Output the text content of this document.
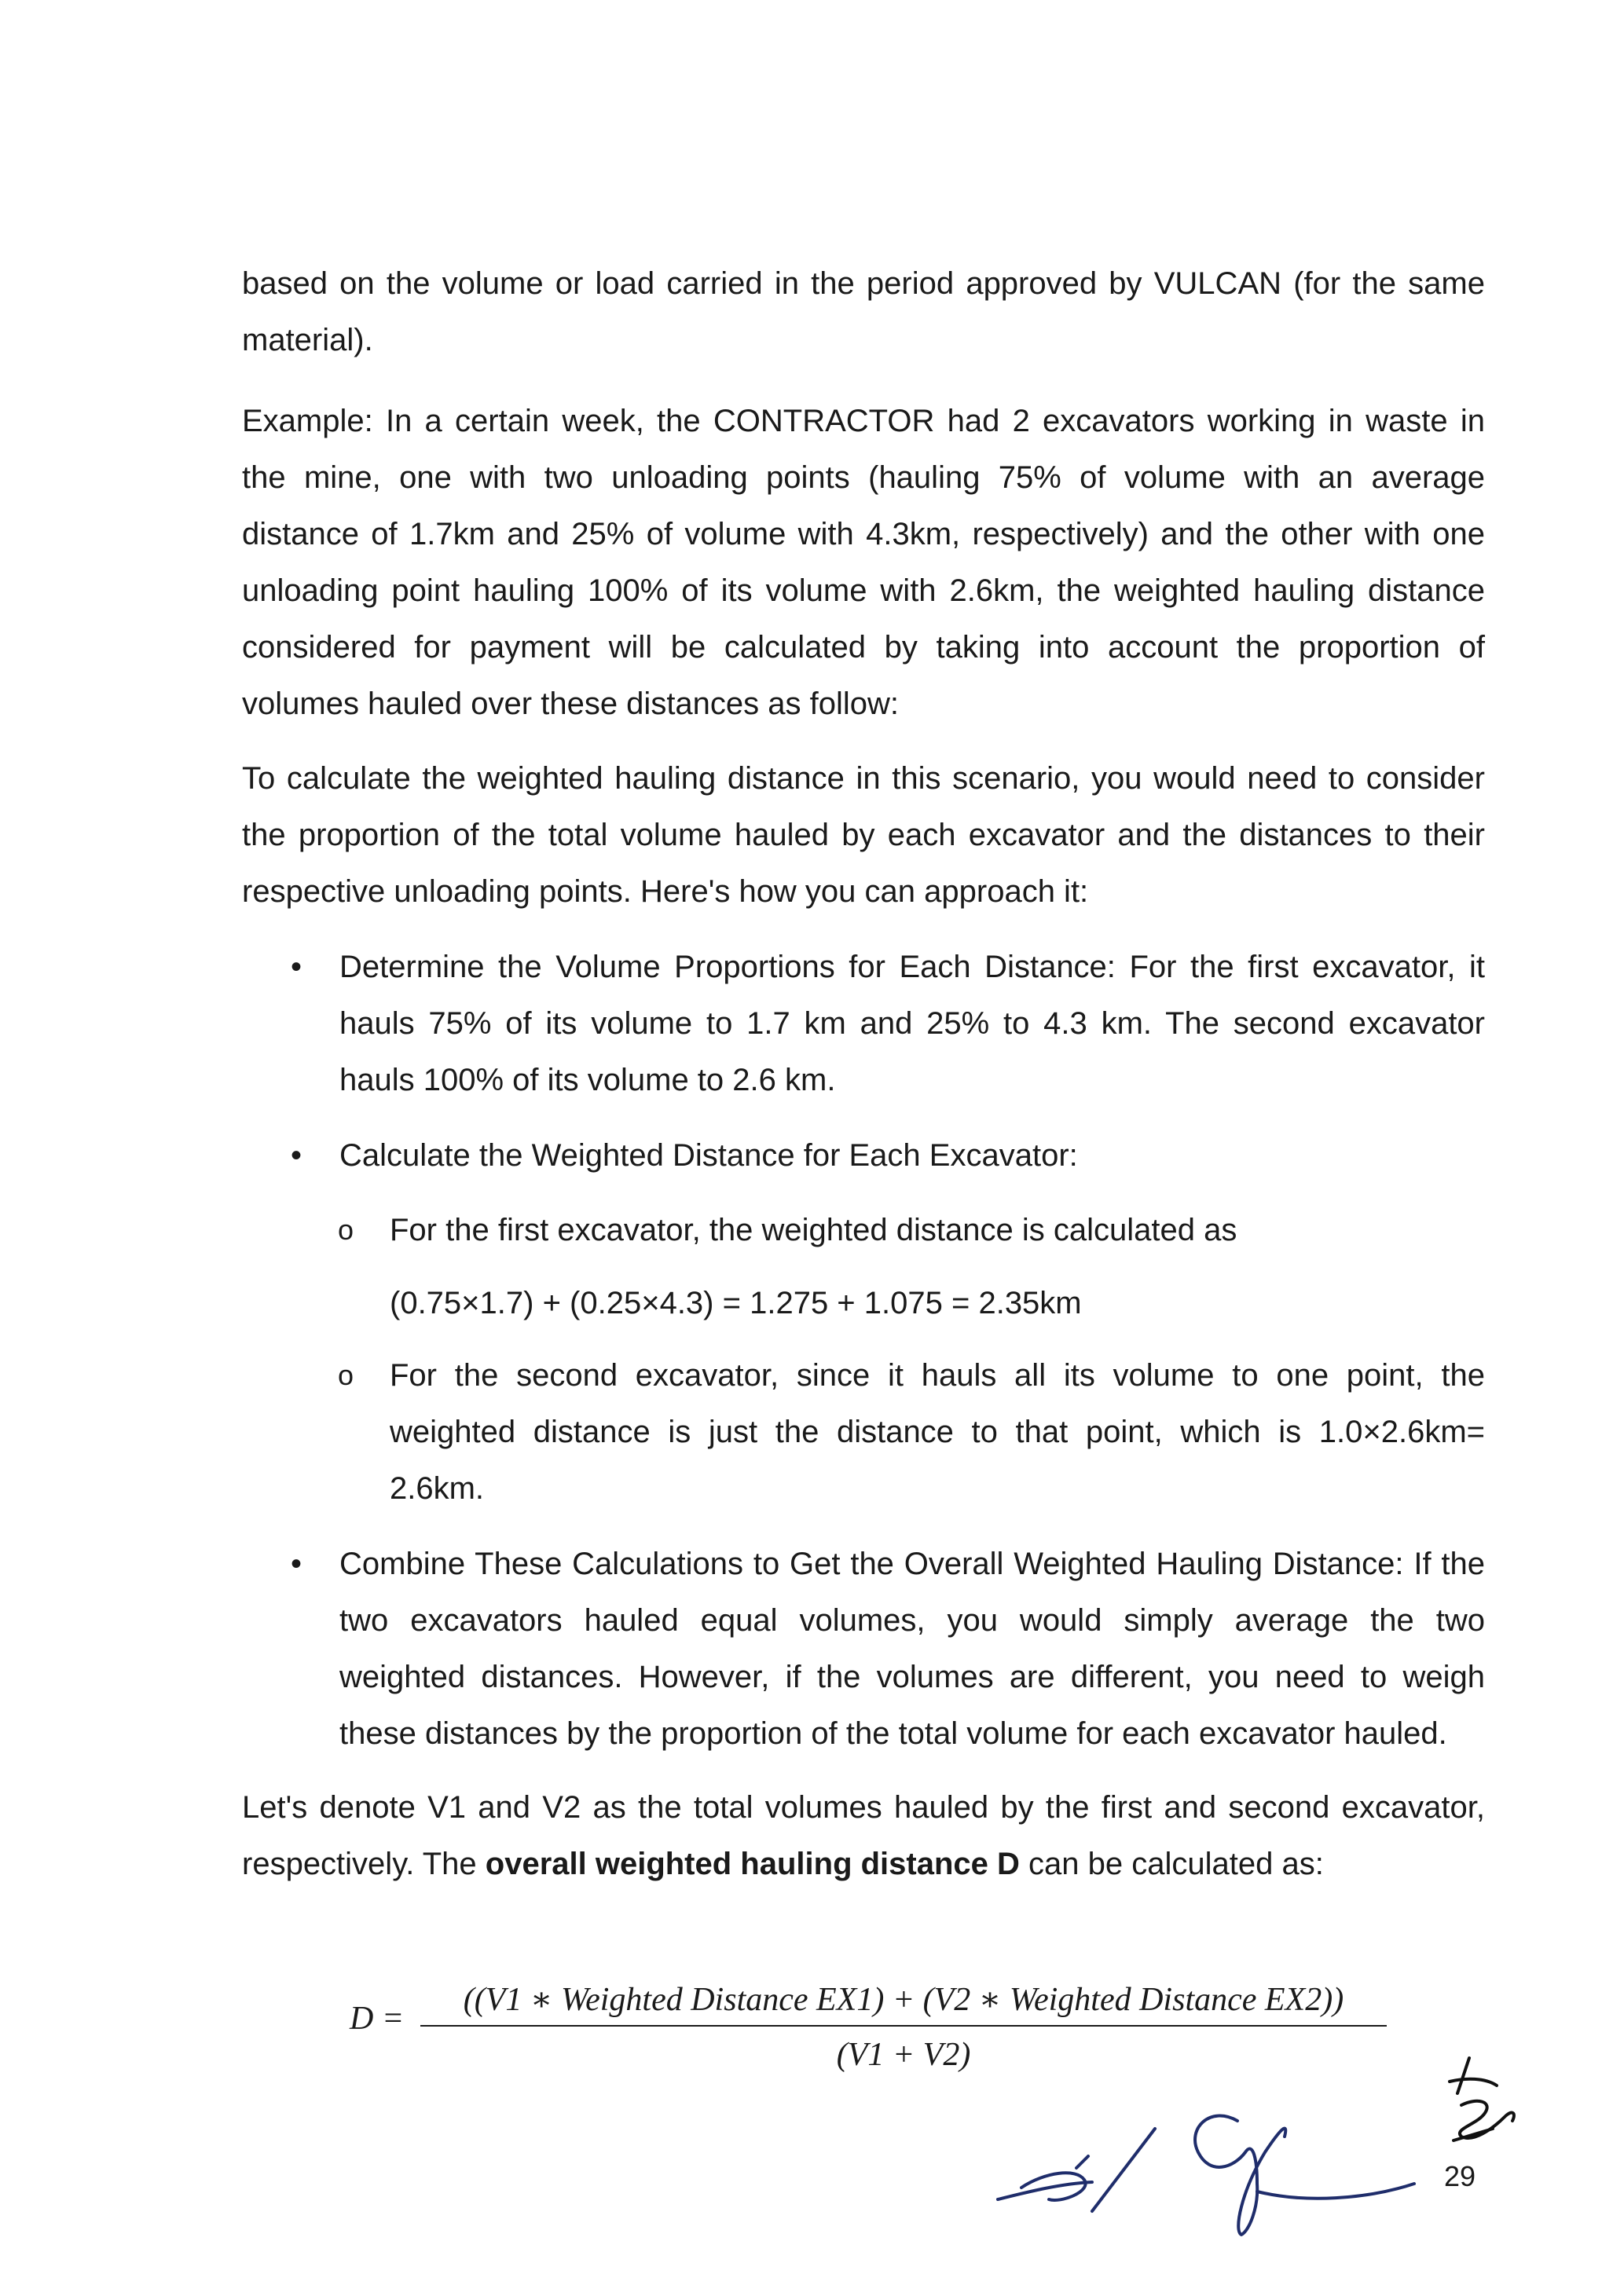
based on the volume or load carried in the period approved by VULCAN (for the same material).

Example: In a certain week, the CONTRACTOR had 2 excavators working in waste in the mine, one with two unloading points (hauling 75% of volume with an average distance of 1.7km and 25% of volume with 4.3km, respectively) and the other with one unloading point hauling 100% of its volume with 2.6km, the weighted hauling distance considered for payment will be calculated by taking into account the proportion of volumes hauled over these distances as follow:

To calculate the weighted hauling distance in this scenario, you would need to consider the proportion of the total volume hauled by each excavator and the distances to their respective unloading points. Here's how you can approach it:

•	Determine the Volume Proportions for Each Distance: For the first excavator, it hauls 75% of its volume to 1.7 km and 25% to 4.3 km. The second excavator hauls 100% of its volume to 2.6 km.

•	Calculate the Weighted Distance for Each Excavator:

o	For the first excavator, the weighted distance is calculated as

(0.75×1.7) + (0.25×4.3) = 1.275 + 1.075 = 2.35km
o	For the second excavator, since it hauls all its volume to one point, the weighted distance is just the distance to that point, which is 1.0×2.6km= 2.6km.

•	Combine These Calculations to Get the Overall Weighted Hauling Distance: If the two excavators hauled equal volumes, you would simply average the two weighted distances. However, if the volumes are different, you need to weigh these distances by the proportion of the total volume for each excavator hauled.

Let's denote V1 and V2 as the total volumes hauled by the first and second excavator, respectively. The overall weighted hauling distance D can be calculated as:

D =
((V1 ∗ Weighted Distance EX1) + (V2 ∗ Weighted Distance EX2))
(V1 + V2)
29
